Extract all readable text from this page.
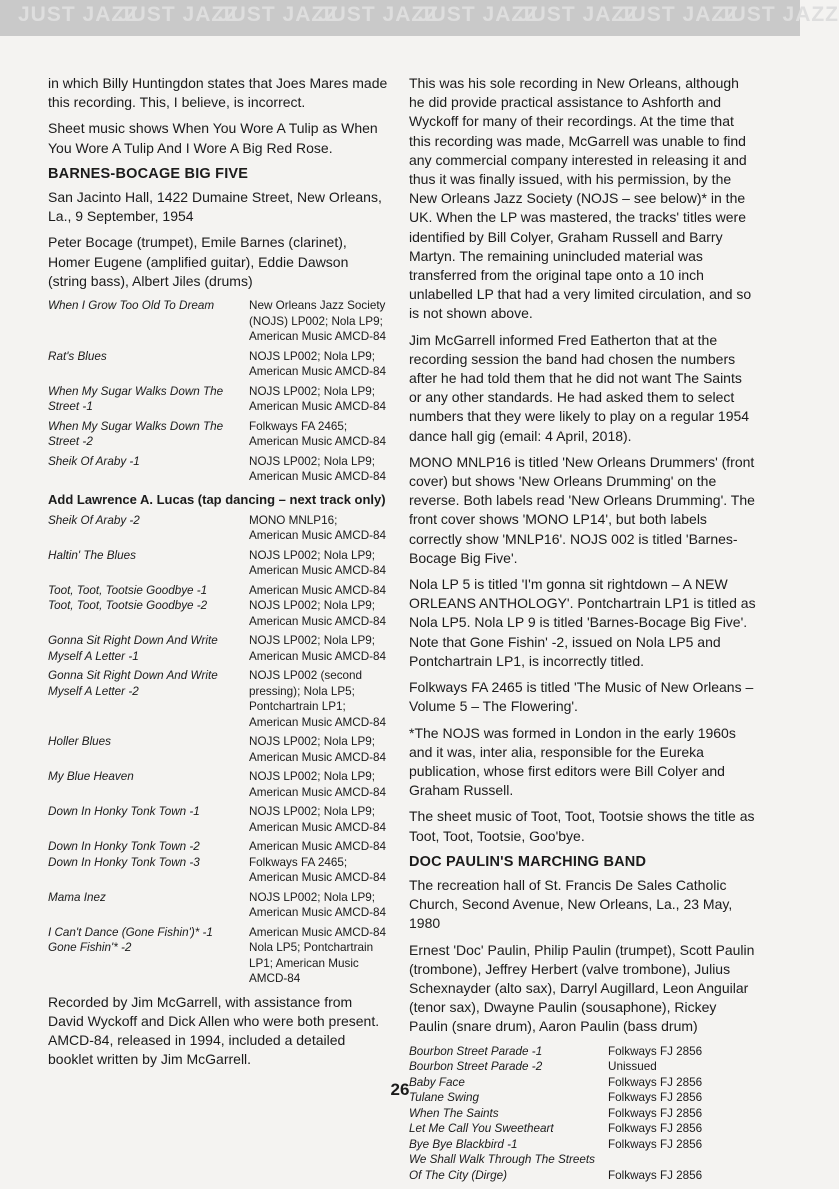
JUST JAZZ
JUST JAZZ
JUST JAZZ
JUST JAZZ
JUST JAZZ
JUST JAZZ
JUST JAZZ
JUST JAZZ

in which Billy Huntingdon states that Joes Mares made this recording. This, I believe, is incorrect.

Sheet music shows When You Wore A Tulip as When You Wore A Tulip And I Wore A Big Red Rose.

BARNES-BOCAGE BIG FIVE

San Jacinto Hall, 1422 Dumaine Street, New Orleans, La., 9 September, 1954

Peter Bocage (trumpet), Emile Barnes (clarinet), Homer Eugene (amplified guitar), Eddie Dawson (string bass), Albert Jiles (drums)

When I Grow Too Old To Dream	New Orleans Jazz Society (NOJS) LP002; Nola LP9; American Music AMCD-84
Rat's Blues	NOJS LP002; Nola LP9; American Music AMCD-84
When My Sugar Walks Down The Street -1
NOJS LP002; Nola LP9; American Music AMCD-84
When My Sugar Walks Down The Street -2
Folkways FA 2465; American Music AMCD-84
Sheik Of Araby -1	NOJS LP002; Nola LP9; American Music AMCD-84
Add Lawrence A. Lucas (tap dancing – next track only)
Sheik Of Araby -2	MONO MNLP16; American Music AMCD-84
Haltin' The Blues	NOJS LP002; Nola LP9; American Music AMCD-84
Toot, Toot, Tootsie Goodbye -1	American Music AMCD-84
Toot, Toot, Tootsie Goodbye -2	NOJS LP002; Nola LP9; American Music AMCD-84
Gonna Sit Right Down And Write Myself A Letter -1
NOJS LP002; Nola LP9; American Music AMCD-84
Gonna Sit Right Down And Write Myself A Letter -2
NOJS LP002 (second pressing); Nola LP5; Pontchartrain LP1; American Music AMCD-84
Holler Blues	NOJS LP002; Nola LP9; American Music AMCD-84
My Blue Heaven	NOJS LP002; Nola LP9; American Music AMCD-84
Down In Honky Tonk Town -1	NOJS LP002; Nola LP9; American Music AMCD-84
Down In Honky Tonk Town -2	American Music AMCD-84
Down In Honky Tonk Town -3	Folkways FA 2465; American Music AMCD-84
Mama Inez	NOJS LP002; Nola LP9; American Music AMCD-84
I Can't Dance (Gone Fishin')* -1	American Music AMCD-84
Gone Fishin'* -2	Nola LP5; Pontchartrain LP1; American Music AMCD-84

Recorded by Jim McGarrell, with assistance from David Wyckoff and Dick Allen who were both present. AMCD-84, released in 1994, included a detailed booklet written by Jim McGarrell.

This was his sole recording in New Orleans, although he did provide practical assistance to Ashforth and Wyckoff for many of their recordings. At the time that this recording was made, McGarrell was unable to find any commercial company interested in releasing it and thus it was finally issued, with his permission, by the New Orleans Jazz Society (NOJS – see below)* in the UK. When the LP was mastered, the tracks' titles were identified by Bill Colyer, Graham Russell and Barry Martyn. The remaining unincluded material was transferred from the original tape onto a 10 inch unlabelled LP that had a very limited circulation, and so is not shown above.

Jim McGarrell informed Fred Eatherton that at the recording session the band had chosen the numbers after he had told them that he did not want The Saints or any other standards. He had asked them to select numbers that they were likely to play on a regular 1954 dance hall gig (email: 4 April, 2018).

MONO MNLP16 is titled 'New Orleans Drummers' (front cover) but shows 'New Orleans Drumming' on the reverse. Both labels read 'New Orleans Drumming'. The front cover shows 'MONO LP14', but both labels correctly show 'MNLP16'. NOJS 002 is titled 'Barnes-Bocage Big Five'.

Nola LP 5 is titled 'I'm gonna sit rightdown – A NEW ORLEANS ANTHOLOGY'. Pontchartrain LP1 is titled as Nola LP5. Nola LP 9 is titled 'Barnes-Bocage Big Five'. Note that Gone Fishin' -2, issued on Nola LP5 and Pontchartrain LP1, is incorrectly titled.

Folkways FA 2465 is titled 'The Music of New Orleans – Volume 5 – The Flowering'.

*The NOJS was formed in London in the early 1960s and it was, inter alia, responsible for the Eureka publication, whose first editors were Bill Colyer and Graham Russell.

The sheet music of Toot, Toot, Tootsie shows the title as Toot, Toot, Tootsie, Goo'bye.

DOC PAULIN'S MARCHING BAND

The recreation hall of St. Francis De Sales Catholic Church, Second Avenue, New Orleans, La., 23 May, 1980

Ernest 'Doc' Paulin, Philip Paulin (trumpet), Scott Paulin (trombone), Jeffrey Herbert (valve trombone), Julius Schexnayder (alto sax), Darryl Augillard, Leon Anguilar (tenor sax), Dwayne Paulin (sousaphone), Rickey Paulin (snare drum), Aaron Paulin (bass drum)

Bourbon Street Parade -1	Folkways FJ 2856
Bourbon Street Parade -2	Unissued
Baby Face	Folkways FJ 2856
Tulane Swing	Folkways FJ 2856
When The Saints	Folkways FJ 2856
Let Me Call You Sweetheart	Folkways FJ 2856
Bye Bye Blackbird -1	Folkways FJ 2856
We Shall Walk Through The Streets Of The City (Dirge)	Folkways FJ 2856
26
